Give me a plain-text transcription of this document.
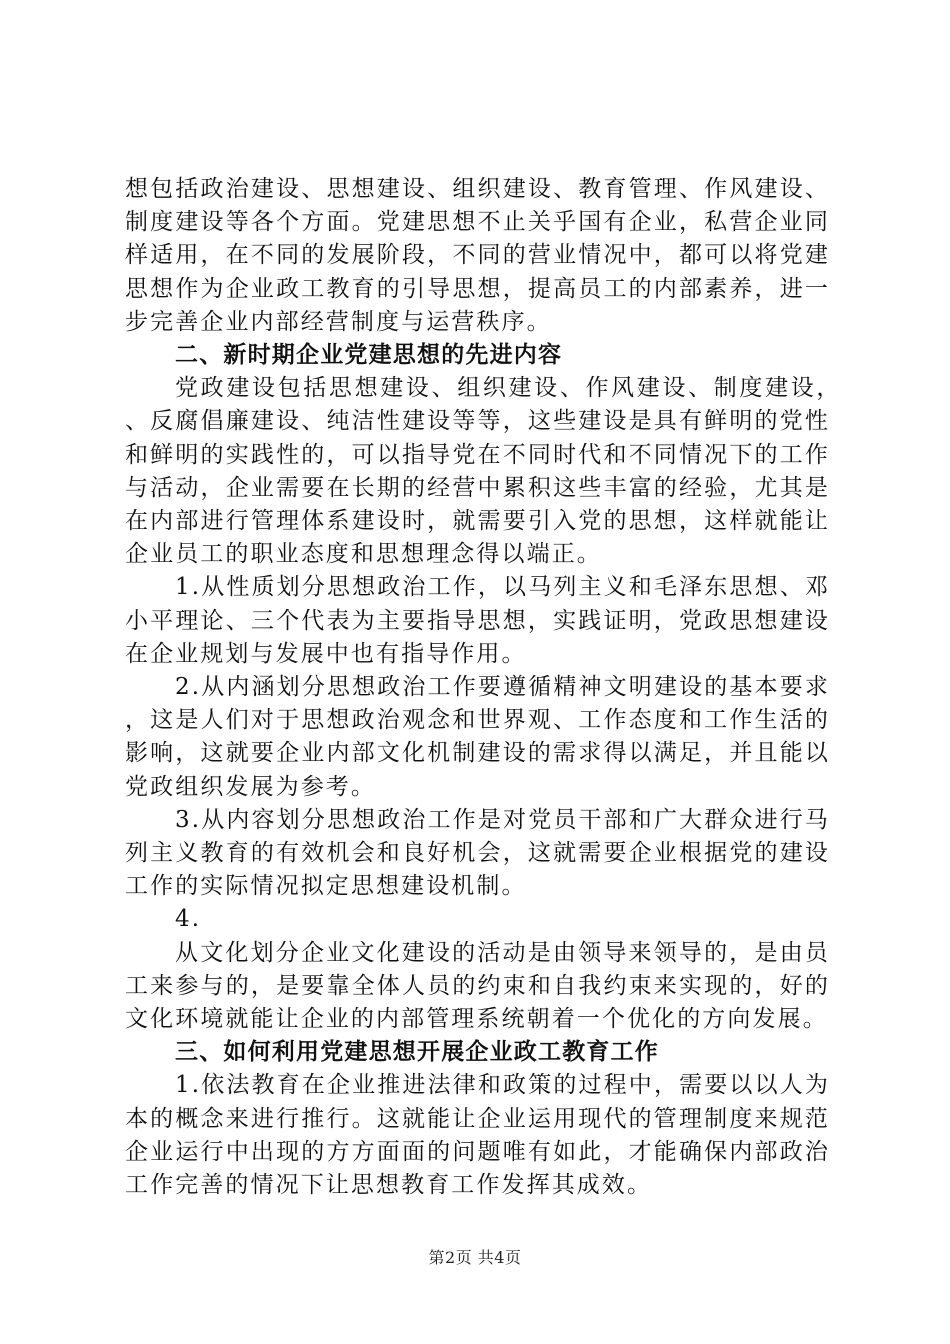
想包括政治建设、思想建设、组织建设、教育管理、作风建设、制度建设等各个方面。党建思想不止关乎国有企业，私营企业同样适用，在不同的发展阶段，不同的营业情况中，都可以将党建思想作为企业政工教育的引导思想，提高员工的内部素养，进一步完善企业内部经营制度与运营秩序。

二、新时期企业党建思想的先进内容

党政建设包括思想建设、组织建设、作风建设、制度建设，、反腐倡廉建设、纯洁性建设等等，这些建设是具有鲜明的党性和鲜明的实践性的，可以指导党在不同时代和不同情况下的工作与活动，企业需要在长期的经营中累积这些丰富的经验，尤其是在内部进行管理体系建设时，就需要引入党的思想，这样就能让企业员工的职业态度和思想理念得以端正。

1.从性质划分思想政治工作，以马列主义和毛泽东思想、邓小平理论、三个代表为主要指导思想，实践证明，党政思想建设在企业规划与发展中也有指导作用。

2.从内涵划分思想政治工作要遵循精神文明建设的基本要求，这是人们对于思想政治观念和世界观、工作态度和工作生活的影响，这就要企业内部文化机制建设的需求得以满足，并且能以党政组织发展为参考。

3.从内容划分思想政治工作是对党员干部和广大群众进行马列主义教育的有效机会和良好机会，这就需要企业根据党的建设工作的实际情况拟定思想建设机制。

4.

从文化划分企业文化建设的活动是由领导来领导的，是由员工来参与的，是要靠全体人员的约束和自我约束来实现的，好的文化环境就能让企业的内部管理系统朝着一个优化的方向发展。

三、如何利用党建思想开展企业政工教育工作

1.依法教育在企业推进法律和政策的过程中，需要以以人为本的概念来进行推行。这就能让企业运用现代的管理制度来规范企业运行中出现的方方面面的问题唯有如此，才能确保内部政治工作完善的情况下让思想教育工作发挥其成效。

第2页 共4页
